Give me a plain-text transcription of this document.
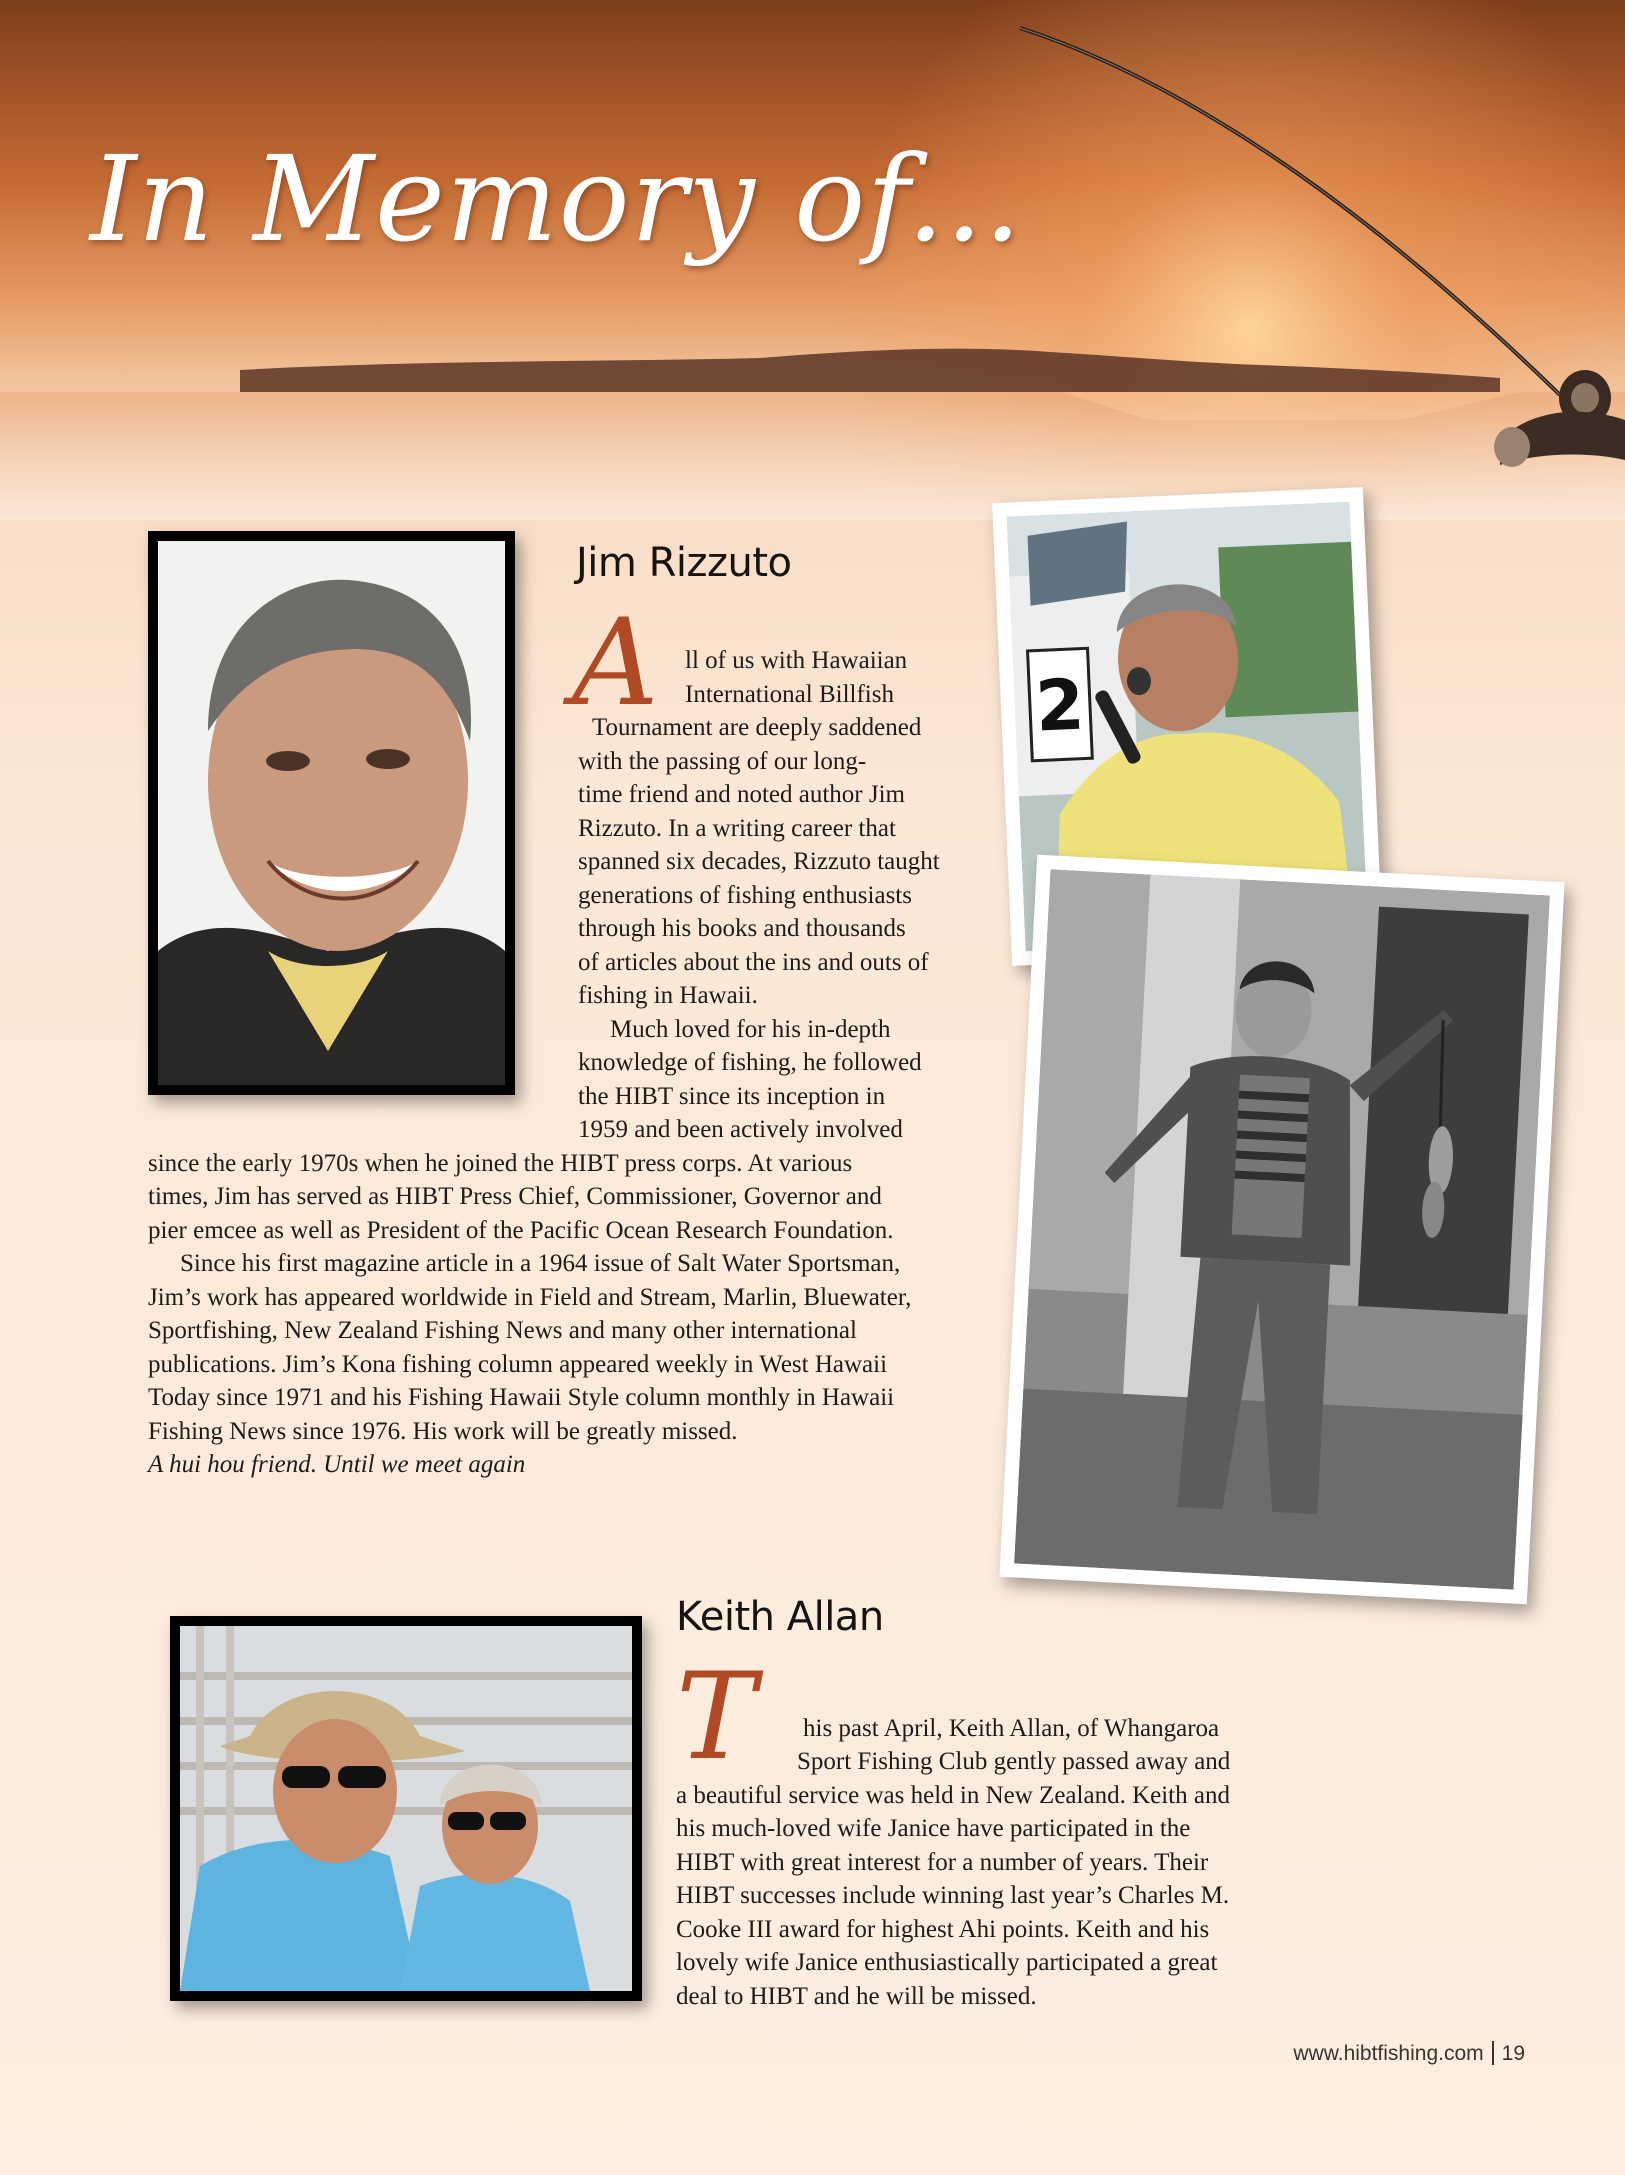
In Memory of...
Jim Rizzuto
A ll of us with Hawaiian
International Billfish
Tournament are deeply saddened
with the passing of our long-
time friend and noted author Jim
Rizzuto. In a writing career that
spanned six decades, Rizzuto taught
generations of fishing enthusiasts
through his books and thousands
of articles about the ins and outs of
fishing in Hawaii.
Much loved for his in-depth
knowledge of fishing, he followed
the HIBT since its inception in
1959 and been actively involved
since the early 1970s when he joined the HIBT press corps. At various
times, Jim has served as HIBT Press Chief, Commissioner, Governor and
pier emcee as well as President of the Pacific Ocean Research Foundation.
Since his first magazine article in a 1964 issue of Salt Water Sportsman,
Jim’s work has appeared worldwide in Field and Stream, Marlin, Bluewater,
Sportfishing, New Zealand Fishing News and many other international
publications. Jim’s Kona fishing column appeared weekly in West Hawaii
Today since 1971 and his Fishing Hawaii Style column monthly in Hawaii
Fishing News since 1976. His work will be greatly missed.
A hui hou friend. Until we meet again
2
Keith Allan
T his past April, Keith Allan, of Whangaroa
Sport Fishing Club gently passed away and
a beautiful service was held in New Zealand. Keith and
his much-loved wife Janice have participated in the
HIBT with great interest for a number of years. Their
HIBT successes include winning last year’s Charles M.
Cooke III award for highest Ahi points. Keith and his
lovely wife Janice enthusiastically participated a great
deal to HIBT and he will be missed.
www.hibtfishing.com 19
